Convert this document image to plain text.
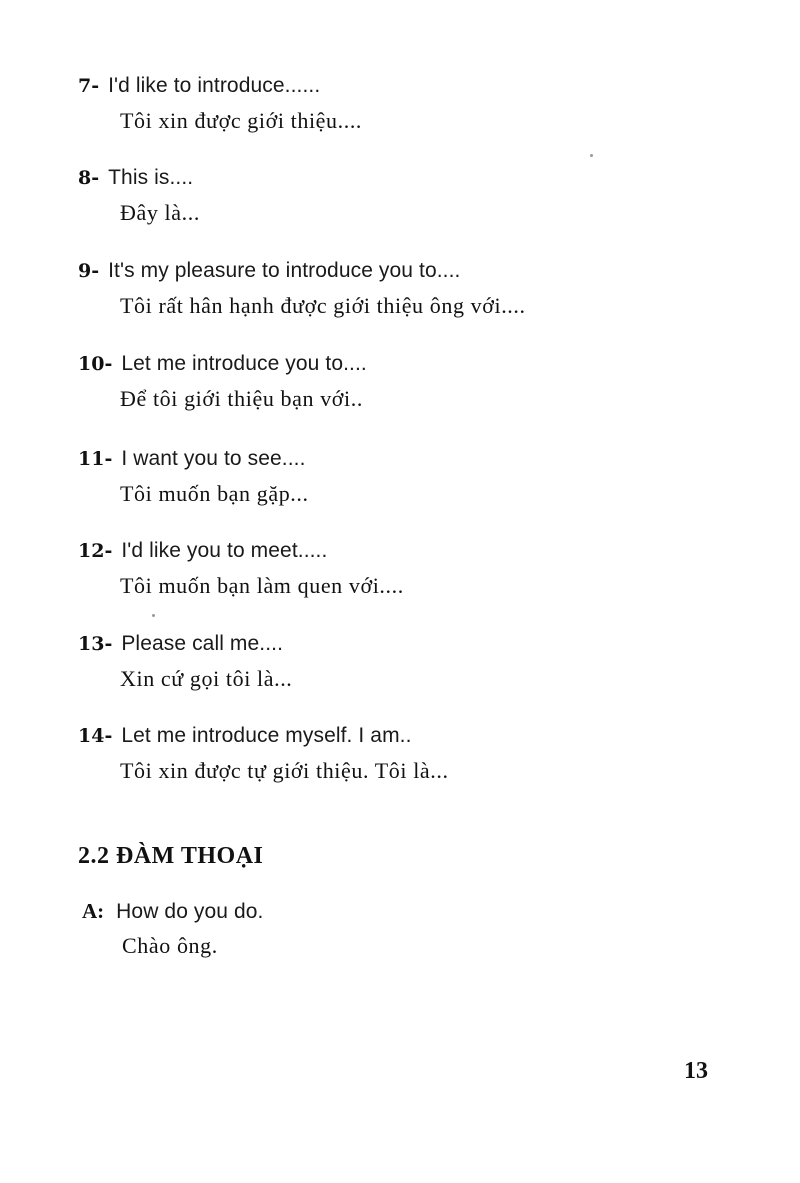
7- I'd like to introduce......
Tôi xin được giới thiệu....
8- This is....
Đây là...
9- It's my pleasure to introduce you to....
Tôi rất hân hạnh được giới thiệu ông với....
10- Let me introduce you to....
Để tôi giới thiệu bạn với..
11- I want you to see....
Tôi muốn bạn gặp...
12- I'd like you to meet.....
Tôi muốn bạn làm quen với....
13- Please call me....
Xin cứ gọi tôi là...
14- Let me introduce myself. I am..
Tôi xin được tự giới thiệu. Tôi là...
2.2 ĐÀM THOẠI
A: How do you do.
Chào ông.
13
